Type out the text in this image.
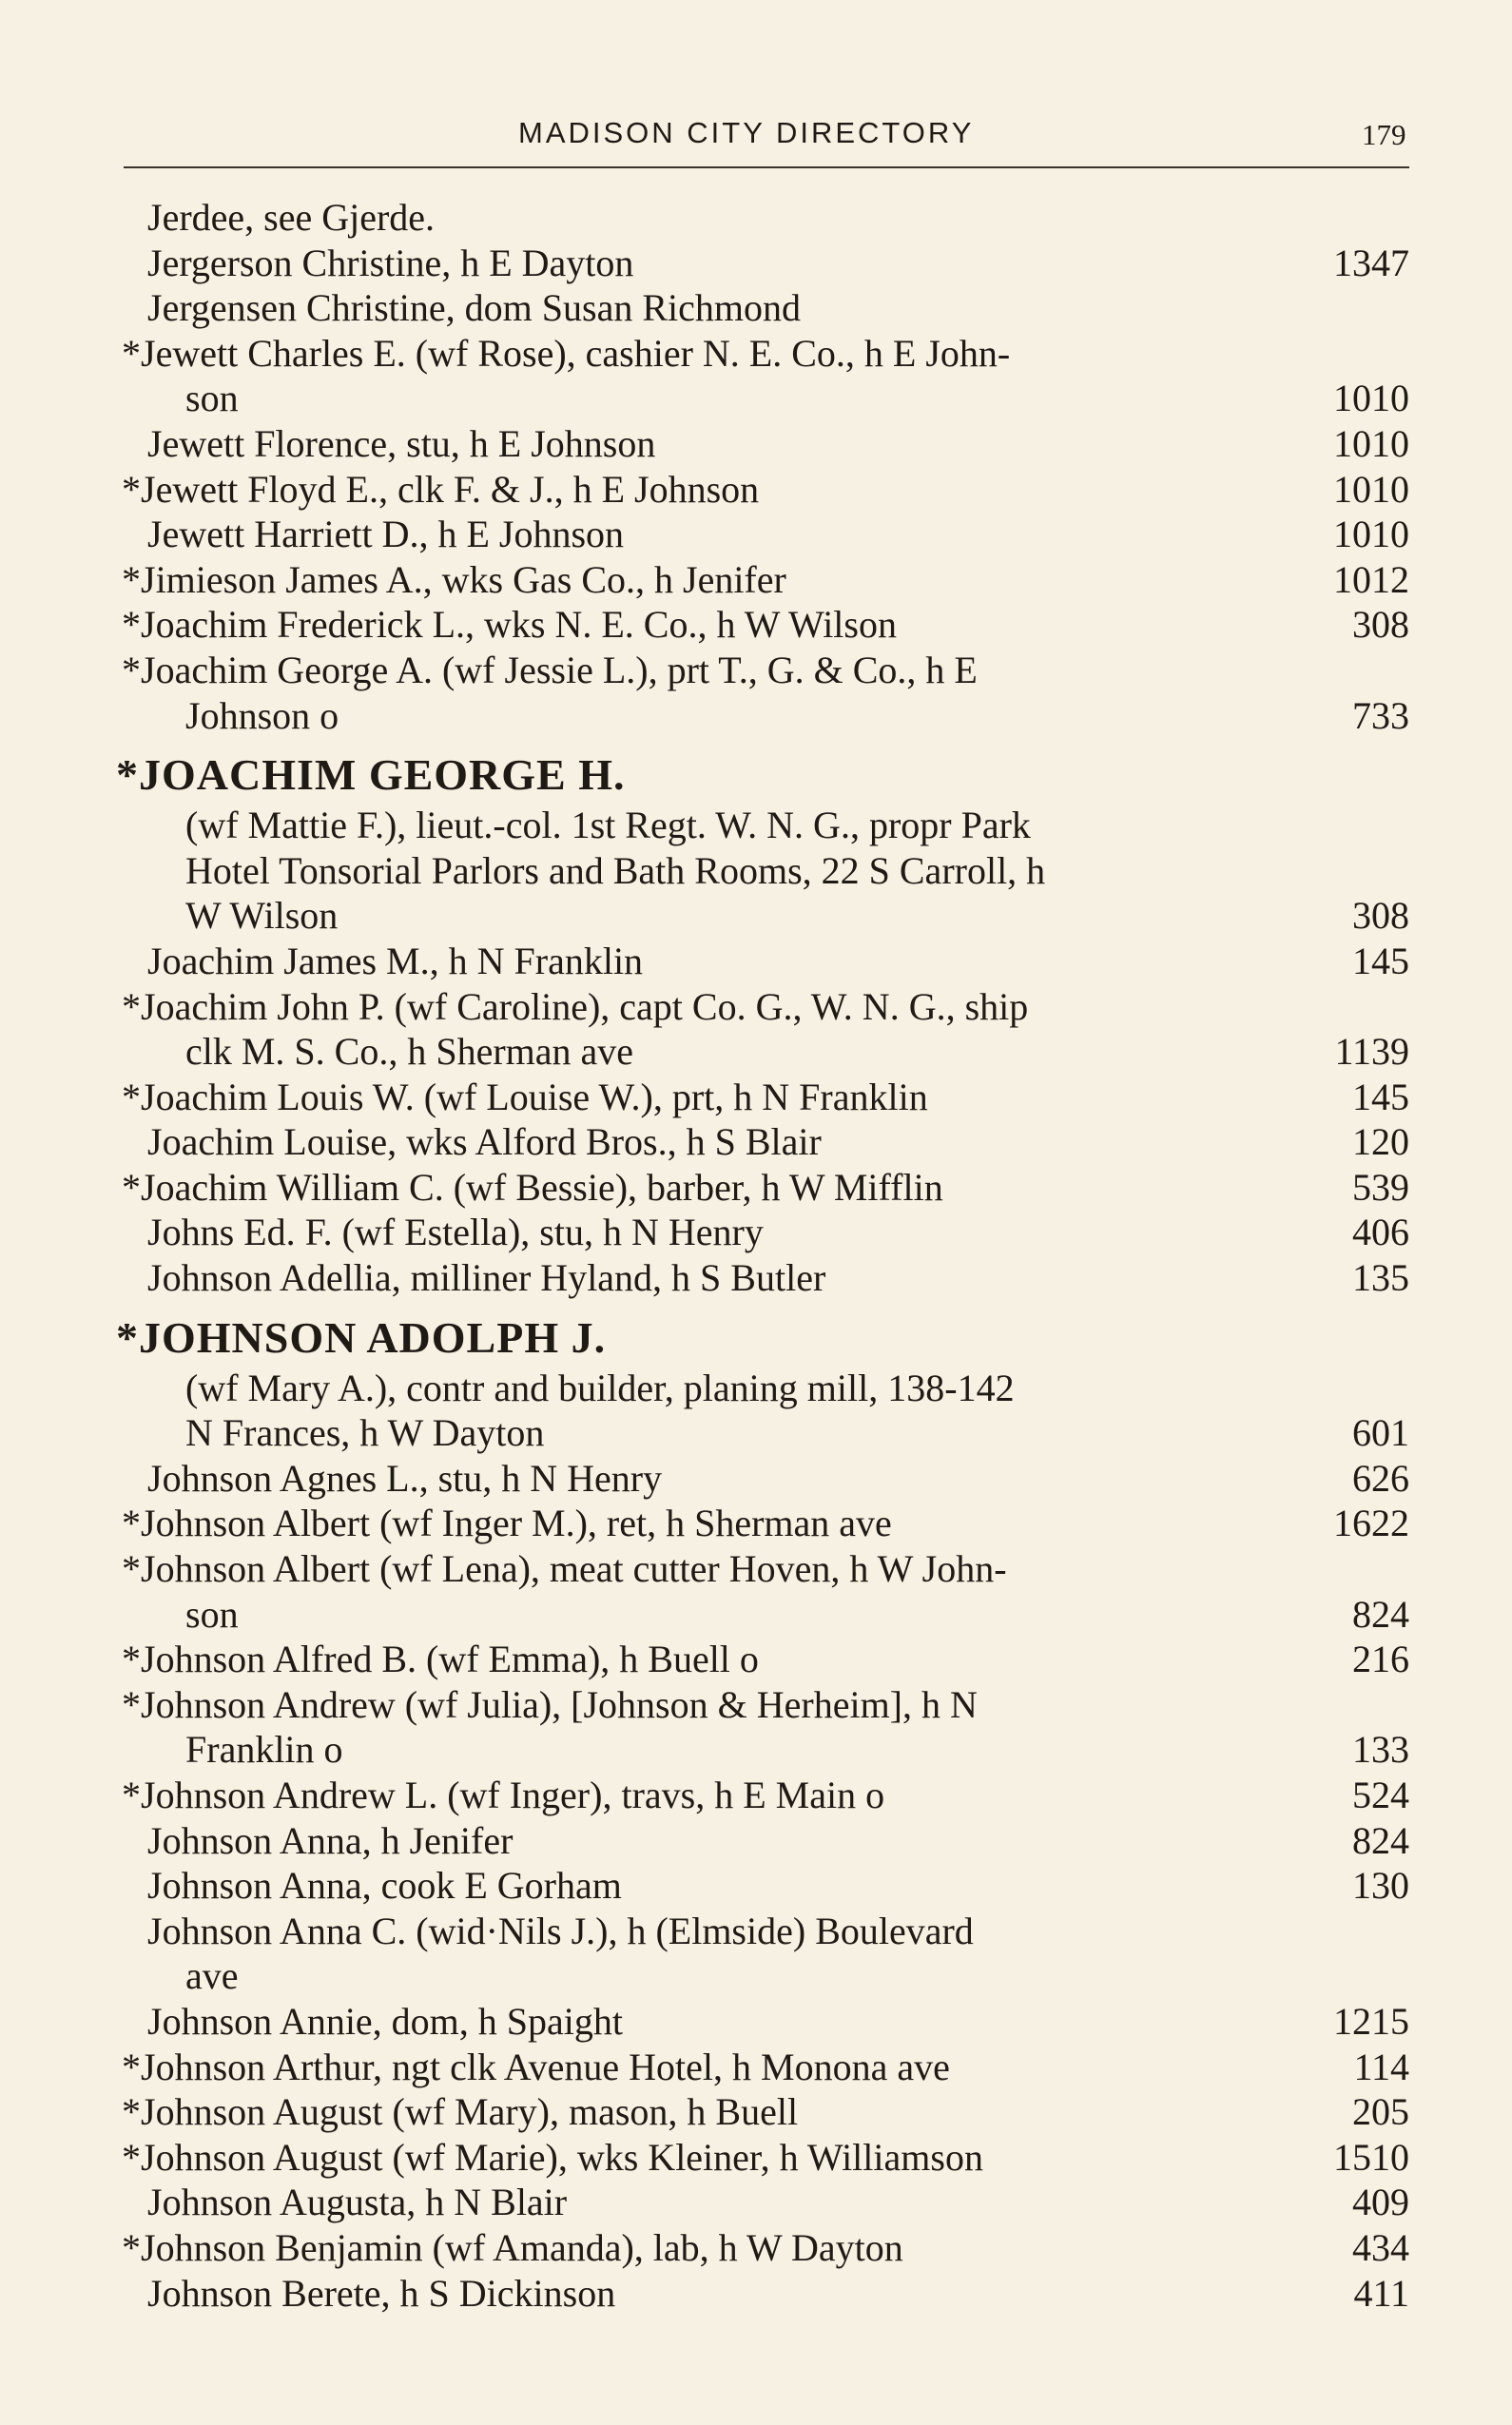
MADISON CITY DIRECTORY	179
Jerdee, see Gjerde.
Jergerson Christine, h E Dayton	1347
Jergensen Christine, dom Susan Richmond
*Jewett Charles E. (wf Rose), cashier N. E. Co., h E John-
son	1010
Jewett Florence, stu, h E Johnson	1010
*Jewett Floyd E., clk F. & J., h E Johnson	1010
Jewett Harriett D., h E Johnson	1010
*Jimieson James A., wks Gas Co., h Jenifer	1012
*Joachim Frederick L., wks N. E. Co., h W Wilson	308
*Joachim George A. (wf Jessie L.), prt T., G. & Co., h E
Johnson o	733
*JOACHIM GEORGE H.
(wf Mattie F.), lieut.-col. 1st Regt. W. N. G., propr Park
Hotel Tonsorial Parlors and Bath Rooms, 22 S Carroll, h
W Wilson	308
Joachim James M., h N Franklin	145
*Joachim John P. (wf Caroline), capt Co. G., W. N. G., ship
clk M. S. Co., h Sherman ave	1139
*Joachim Louis W. (wf Louise W.), prt, h N Franklin	145
Joachim Louise, wks Alford Bros., h S Blair	120
*Joachim William C. (wf Bessie), barber, h W Mifflin	539
Johns Ed. F. (wf Estella), stu, h N Henry	406
Johnson Adellia, milliner Hyland, h S Butler	135
*JOHNSON ADOLPH J.
(wf Mary A.), contr and builder, planing mill, 138-142
N Frances, h W Dayton	601
Johnson Agnes L., stu, h N Henry	626
*Johnson Albert (wf Inger M.), ret, h Sherman ave	1622
*Johnson Albert (wf Lena), meat cutter Hoven, h W John-
son	824
*Johnson Alfred B. (wf Emma), h Buell o	216
*Johnson Andrew (wf Julia), [Johnson & Herheim], h N
Franklin o	133
*Johnson Andrew L. (wf Inger), travs, h E Main o	524
Johnson Anna, h Jenifer	824
Johnson Anna, cook E Gorham	130
Johnson Anna C. (wid·Nils J.), h (Elmside) Boulevard
ave
Johnson Annie, dom, h Spaight	1215
*Johnson Arthur, ngt clk Avenue Hotel, h Monona ave	114
*Johnson August (wf Mary), mason, h Buell	205
*Johnson August (wf Marie), wks Kleiner, h Williamson	1510
Johnson Augusta, h N Blair	409
*Johnson Benjamin (wf Amanda), lab, h W Dayton	434
Johnson Berete, h S Dickinson	411
